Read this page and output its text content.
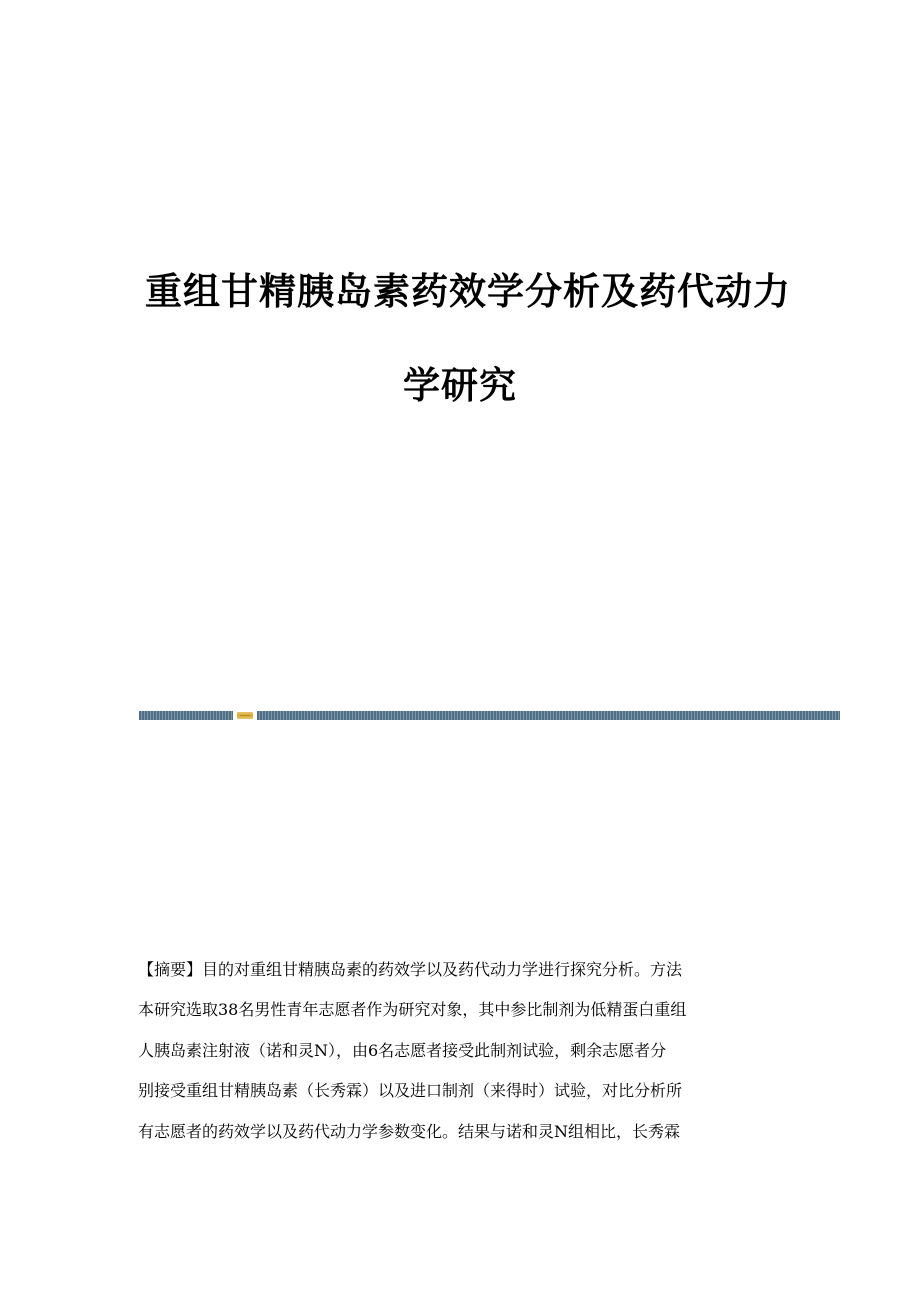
重组甘精胰岛素药效学分析及药代动力
学研究
【摘要】目的对重组甘精胰岛素的药效学以及药代动力学进行探究分析。方法
本研究选取38名男性青年志愿者作为研究对象，其中参比制剂为低精蛋白重组
人胰岛素注射液（诺和灵N），由6名志愿者接受此制剂试验，剩余志愿者分
别接受重组甘精胰岛素（长秀霖）以及进口制剂（来得时）试验，对比分析所
有志愿者的药效学以及药代动力学参数变化。结果与诺和灵N组相比，长秀霖
